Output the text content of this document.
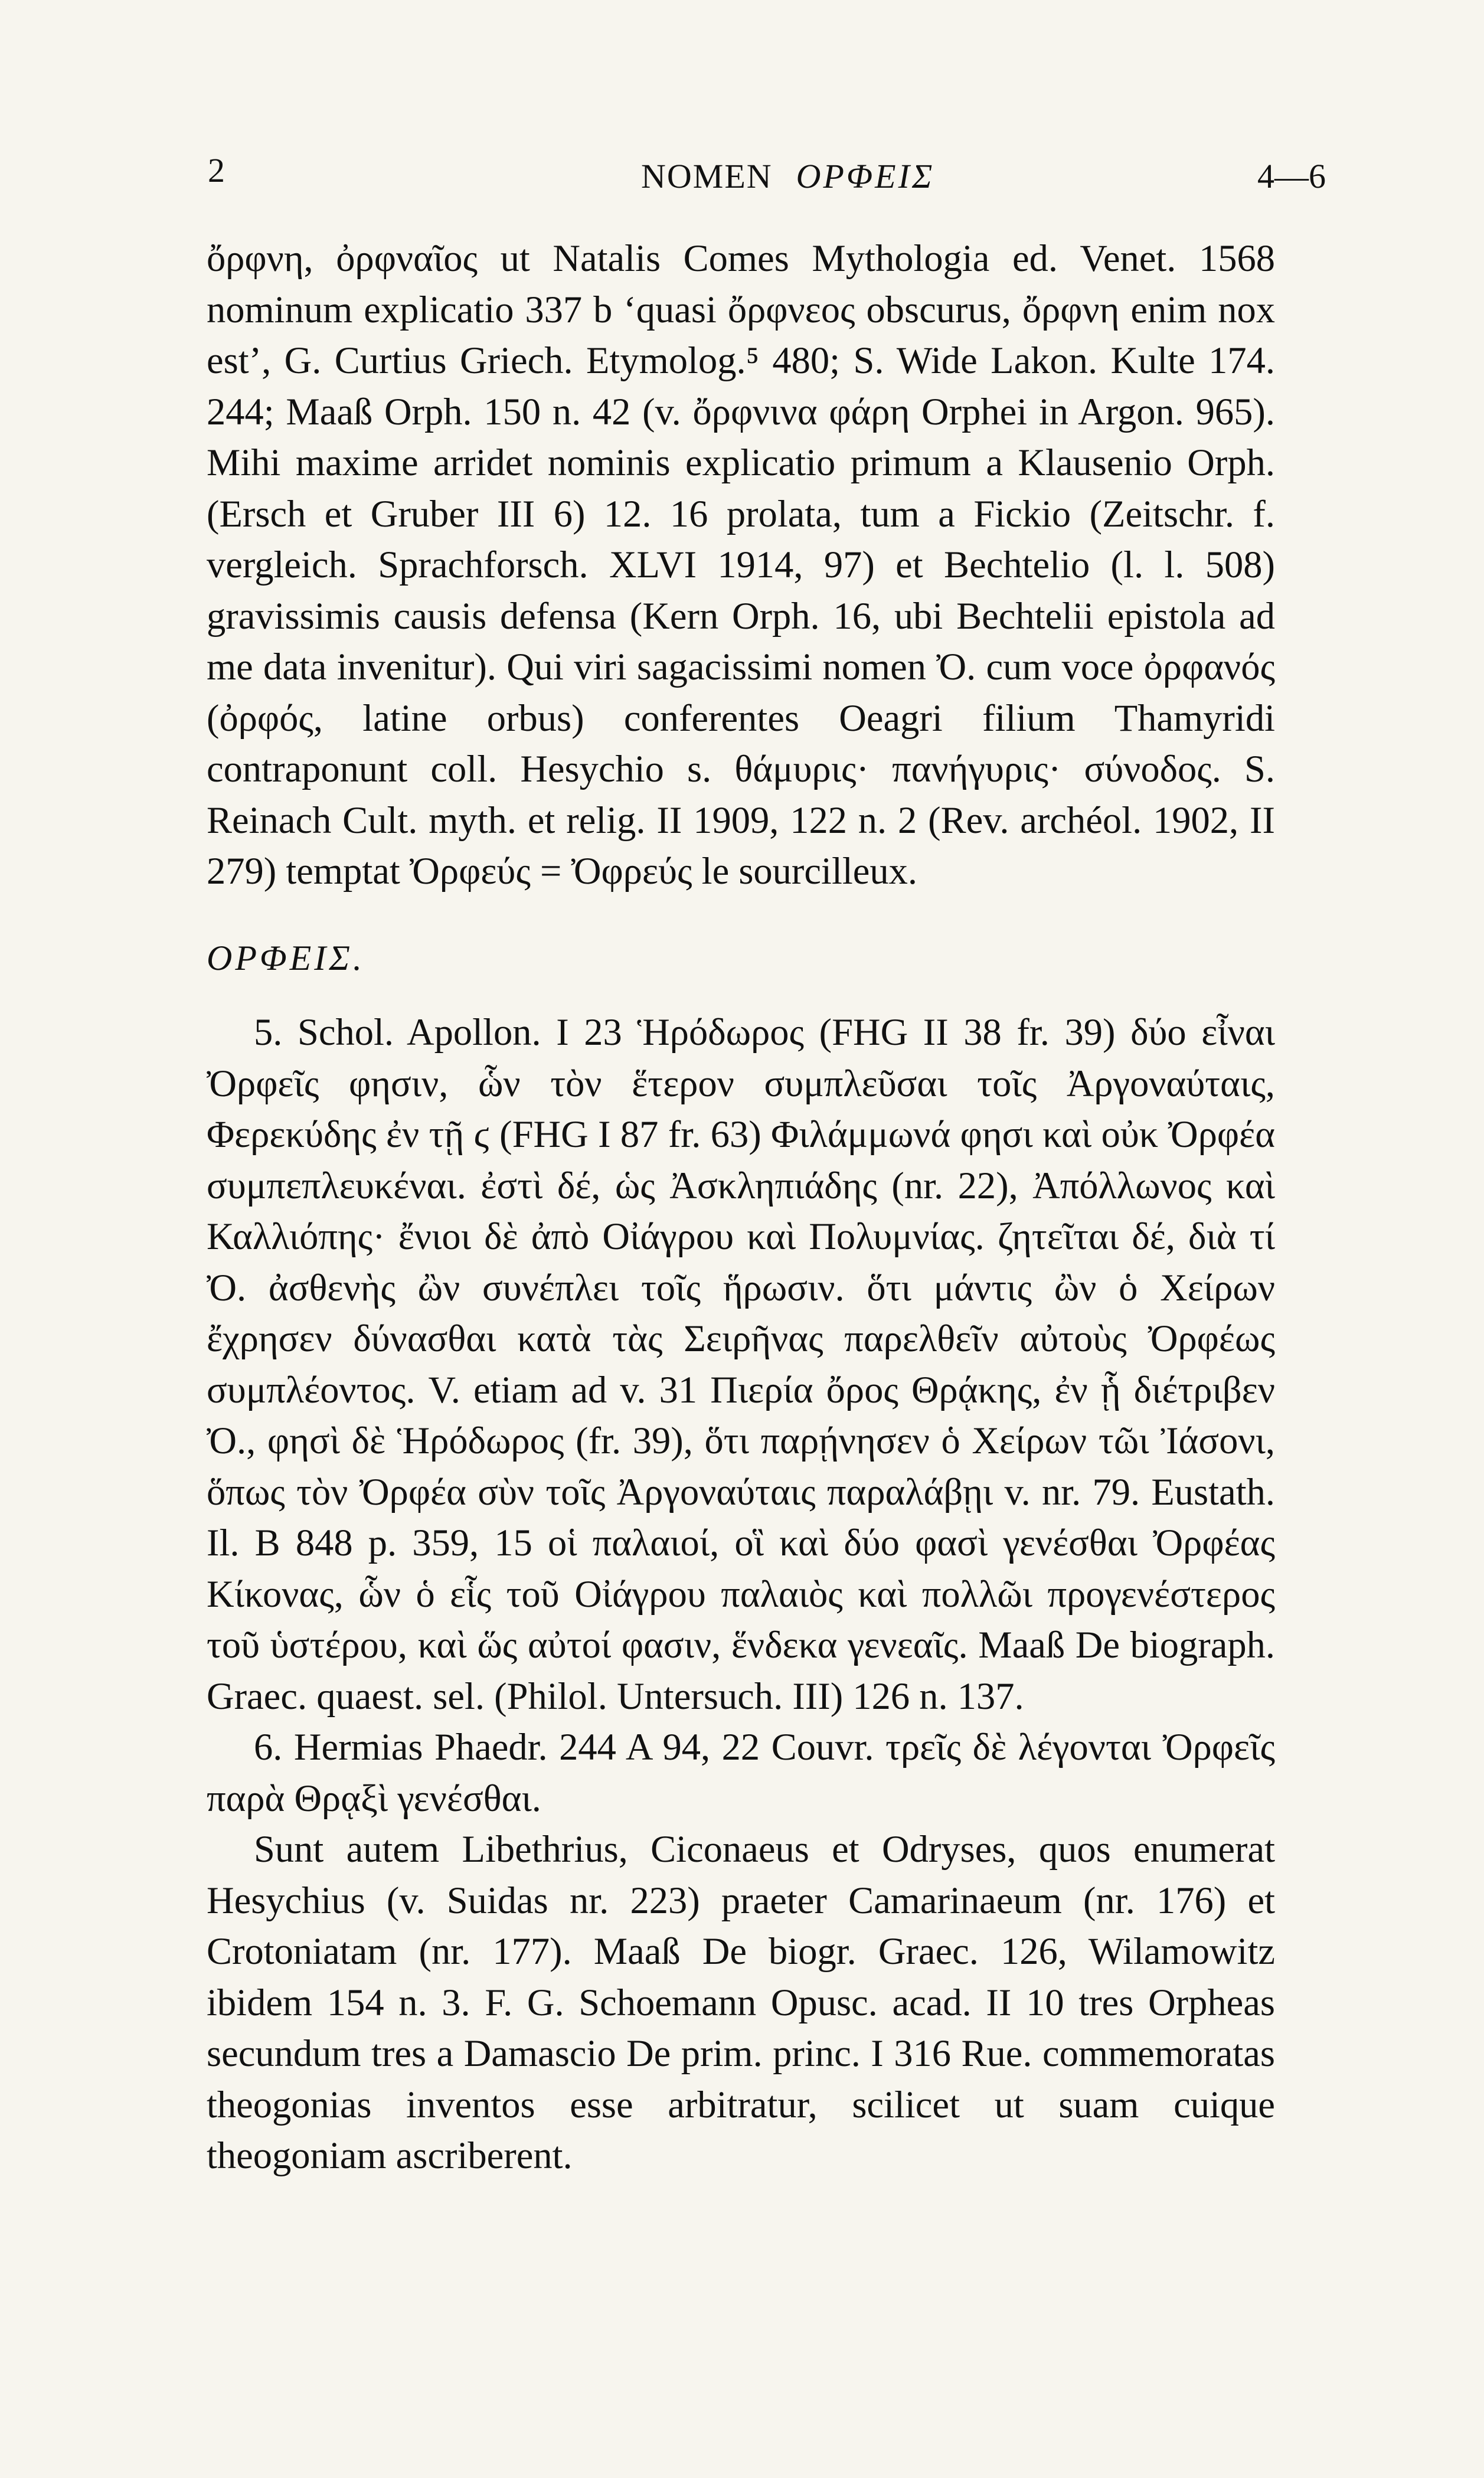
2	NOMEN ΟΡΦΕΙΣ	4—6

ὄρφνη, ὀρφναῖος ut Natalis Comes Mythologia ed. Venet. 1568 nominum explicatio 337 b ‘quasi ὄρφνεος obscurus, ὄρφνη enim nox est’, G. Curtius Griech. Etymolog.⁵ 480; S. Wide Lakon. Kulte 174. 244; Maaß Orph. 150 n. 42 (v. ὄρφνινα φάρη Orphei in Argon. 965). Mihi maxime arridet nominis explicatio primum a Klausenio Orph. (Ersch et Gruber III 6) 12. 16 prolata, tum a Fickio (Zeitschr. f. vergleich. Sprachforsch. XLVI 1914, 97) et Bechtelio (l. l. 508) gravissimis causis defensa (Kern Orph. 16, ubi Bechtelii epistola ad me data invenitur). Qui viri sagacissimi nomen Ὀ. cum voce ὀρφανός (ὀρφός, latine orbus) conferentes Oeagri filium Thamyridi contraponunt coll. Hesychio s. θάμυρις· πανήγυρις· σύνοδος. S. Reinach Cult. myth. et relig. II 1909, 122 n. 2 (Rev. archéol. 1902, II 279) temptat Ὀρφεύς = Ὀφρεύς le sourcilleux.

ΟΡΦΕΙΣ.

5. Schol. Apollon. I 23 Ἡρόδωρος (FHG II 38 fr. 39) δύο εἶναι Ὀρφεῖς φησιν, ὧν τὸν ἕτερον συμπλεῦσαι τοῖς Ἀργοναύταις, Φερεκύδης ἐν τῇ ϛ (FHG I 87 fr. 63) Φιλάμμωνά φησι καὶ οὐκ Ὀρφέα συμπεπλευκέναι. ἐστὶ δέ, ὡς Ἀσκληπιάδης (nr. 22), Ἀπόλλωνος καὶ Καλλιόπης· ἔνιοι δὲ ἀπὸ Οἰάγρου καὶ Πολυμνίας. ζητεῖται δέ, διὰ τί Ὀ. ἀσθενὴς ὢν συνέπλει τοῖς ἥρωσιν. ὅτι μάντις ὢν ὁ Χείρων ἔχρησεν δύνασθαι κατὰ τὰς Σειρῆνας παρελθεῖν αὐτοὺς Ὀρφέως συμπλέοντος. V. etiam ad v. 31 Πιερία ὄρος Θρᾴκης, ἐν ᾗ διέτριβεν Ὀ., φησὶ δὲ Ἡρόδωρος (fr. 39), ὅτι παρῄνησεν ὁ Χείρων τῶι Ἰάσονι, ὅπως τὸν Ὀρφέα σὺν τοῖς Ἀργοναύταις παραλάβῃι v. nr. 79. Eustath. Il. B 848 p. 359, 15 οἱ παλαιοί, οἳ καὶ δύο φασὶ γενέσθαι Ὀρφέας Κίκονας, ὧν ὁ εἷς τοῦ Οἰάγρου παλαιὸς καὶ πολλῶι προγενέστερος τοῦ ὑστέρου, καὶ ὥς αὐτοί φασιν, ἕνδεκα γενεαῖς. Maaß De biograph. Graec. quaest. sel. (Philol. Untersuch. III) 126 n. 137.

6. Hermias Phaedr. 244 A 94, 22 Couvr. τρεῖς δὲ λέγονται Ὀρφεῖς παρὰ Θρᾳξὶ γενέσθαι.

Sunt autem Libethrius, Ciconaeus et Odryses, quos enumerat Hesychius (v. Suidas nr. 223) praeter Camarinaeum (nr. 176) et Crotoniatam (nr. 177). Maaß De biogr. Graec. 126, Wilamowitz ibidem 154 n. 3. F. G. Schoemann Opusc. acad. II 10 tres Orpheas secundum tres a Damascio De prim. princ. I 316 Rue. commemoratas theogonias inventos esse arbitratur, scilicet ut suam cuique theogoniam ascriberent.
